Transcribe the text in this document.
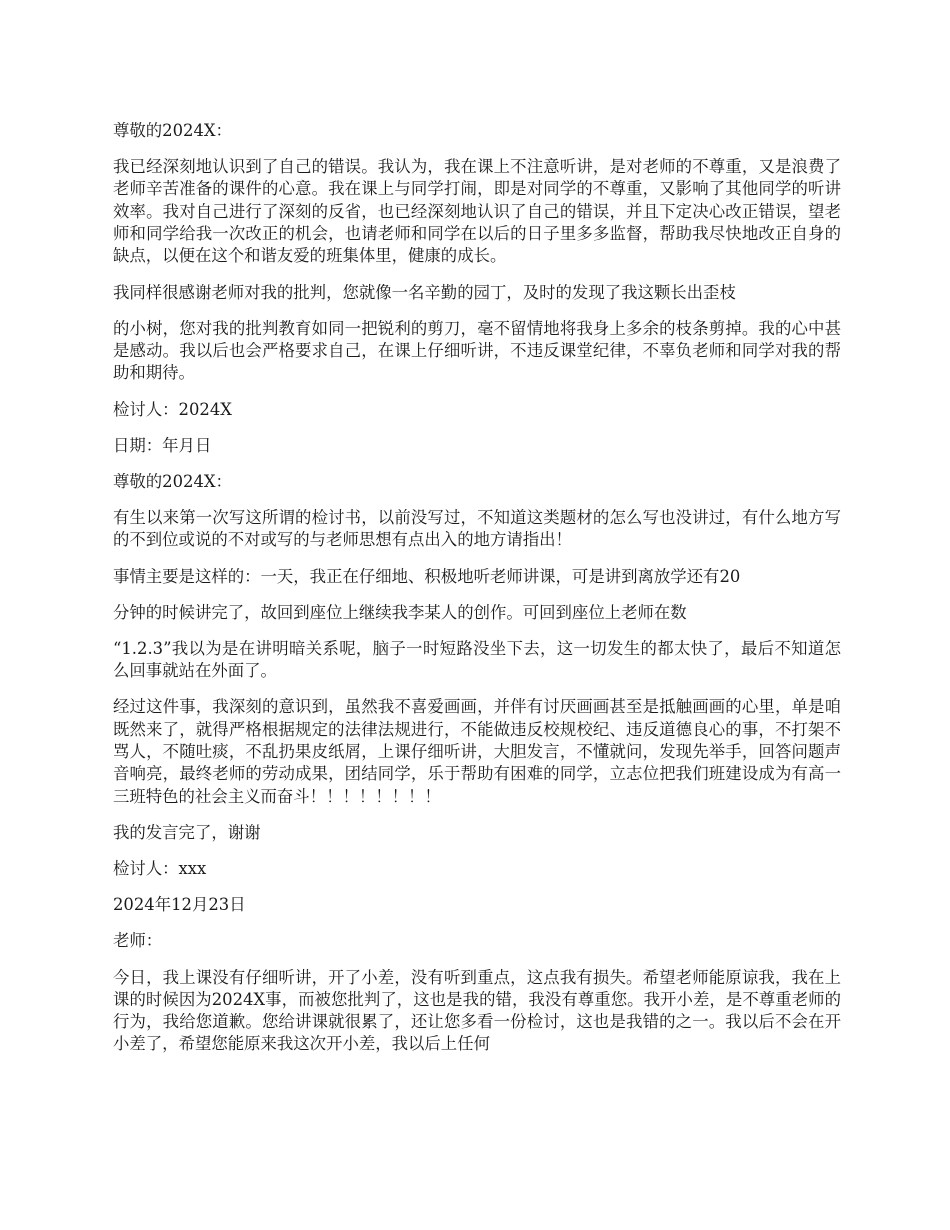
尊敬的2024X：

我已经深刻地认识到了自己的错误。我认为，我在课上不注意听讲，是对老师的不尊重，又是浪费了老师辛苦准备的课件的心意。我在课上与同学打闹，即是对同学的不尊重，又影响了其他同学的听讲效率。我对自己进行了深刻的反省，也已经深刻地认识了自己的错误，并且下定决心改正错误，望老师和同学给我一次改正的机会，也请老师和同学在以后的日子里多多监督，帮助我尽快地改正自身的缺点，以便在这个和谐友爱的班集体里，健康的成长。

我同样很感谢老师对我的批判，您就像一名辛勤的园丁，及时的发现了我这颗长出歪枝

的小树，您对我的批判教育如同一把锐利的剪刀，毫不留情地将我身上多余的枝条剪掉。我的心中甚是感动。我以后也会严格要求自己，在课上仔细听讲，不违反课堂纪律，不辜负老师和同学对我的帮助和期待。

检讨人：2024X

日期：年月日

尊敬的2024X：

有生以来第一次写这所谓的检讨书，以前没写过，不知道这类题材的怎么写也没讲过，有什么地方写的不到位或说的不对或写的与老师思想有点出入的地方请指出！

事情主要是这样的：一天，我正在仔细地、积极地听老师讲课，可是讲到离放学还有20

分钟的时候讲完了，故回到座位上继续我李某人的创作。可回到座位上老师在数

“1.2.3”我以为是在讲明暗关系呢，脑子一时短路没坐下去，这一切发生的都太快了，最后不知道怎么回事就站在外面了。

经过这件事，我深刻的意识到，虽然我不喜爱画画，并伴有讨厌画画甚至是抵触画画的心里，单是咱既然来了，就得严格根据规定的法律法规进行，不能做违反校规校纪、违反道德良心的事，不打架不骂人，不随吐痰，不乱扔果皮纸屑，上课仔细听讲，大胆发言，不懂就问，发现先举手，回答问题声音响亮，最终老师的劳动成果，团结同学，乐于帮助有困难的同学，立志位把我们班建设成为有高一三班特色的社会主义而奋斗！！！！！！！！

我的发言完了，谢谢

检讨人：xxx

2024年12月23日

老师：

今日，我上课没有仔细听讲，开了小差，没有听到重点，这点我有损失。希望老师能原谅我，我在上课的时候因为2024X事，而被您批判了，这也是我的错，我没有尊重您。我开小差，是不尊重老师的行为，我给您道歉。您给讲课就很累了，还让您多看一份检讨，这也是我错的之一。我以后不会在开小差了，希望您能原来我这次开小差，我以后上任何
